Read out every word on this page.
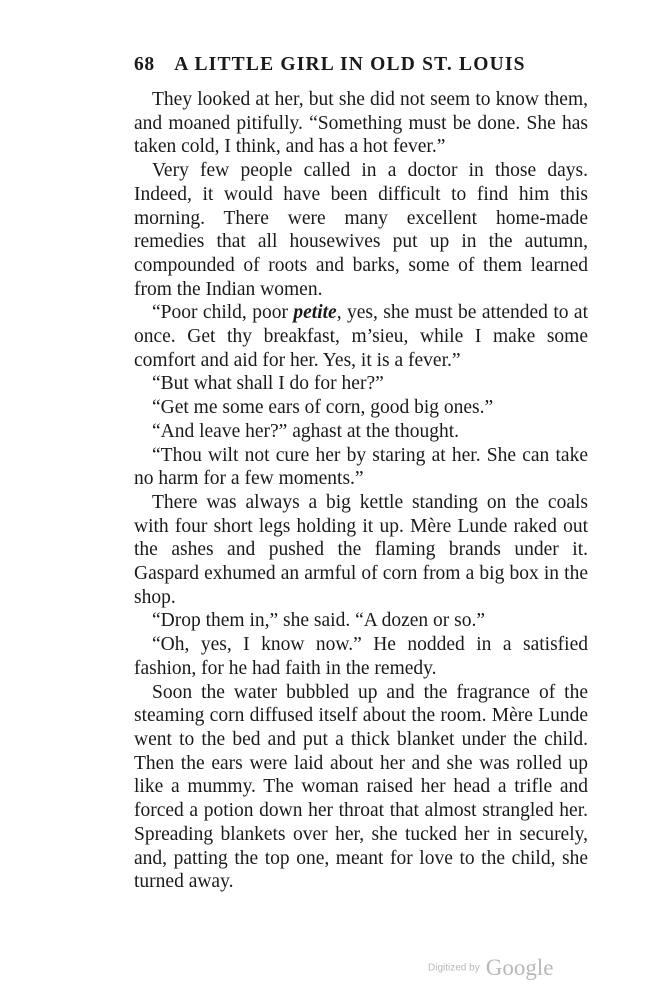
68 A LITTLE GIRL IN OLD ST. LOUIS

They looked at her, but she did not seem to know them, and moaned pitifully. “Something must be done. She has taken cold, I think, and has a hot fever.”

Very few people called in a doctor in those days. Indeed, it would have been difficult to find him this morning. There were many excellent home-made remedies that all housewives put up in the autumn, compounded of roots and barks, some of them learned from the Indian women.

“Poor child, poor petite, yes, she must be attended to at once. Get thy breakfast, m’sieu, while I make some comfort and aid for her. Yes, it is a fever.”

“But what shall I do for her?”

“Get me some ears of corn, good big ones.”

“And leave her?” aghast at the thought.

“Thou wilt not cure her by staring at her. She can take no harm for a few moments.”

There was always a big kettle standing on the coals with four short legs holding it up. Mère Lunde raked out the ashes and pushed the flaming brands under it. Gaspard exhumed an armful of corn from a big box in the shop.

“Drop them in,” she said. “A dozen or so.”

“Oh, yes, I know now.” He nodded in a satisfied fashion, for he had faith in the remedy.

Soon the water bubbled up and the fragrance of the steaming corn diffused itself about the room. Mère Lunde went to the bed and put a thick blanket under the child. Then the ears were laid about her and she was rolled up like a mummy. The woman raised her head a trifle and forced a potion down her throat that almost strangled her. Spreading blankets over her, she tucked her in securely, and, patting the top one, meant for love to the child, she turned away.

Digitized by Google
